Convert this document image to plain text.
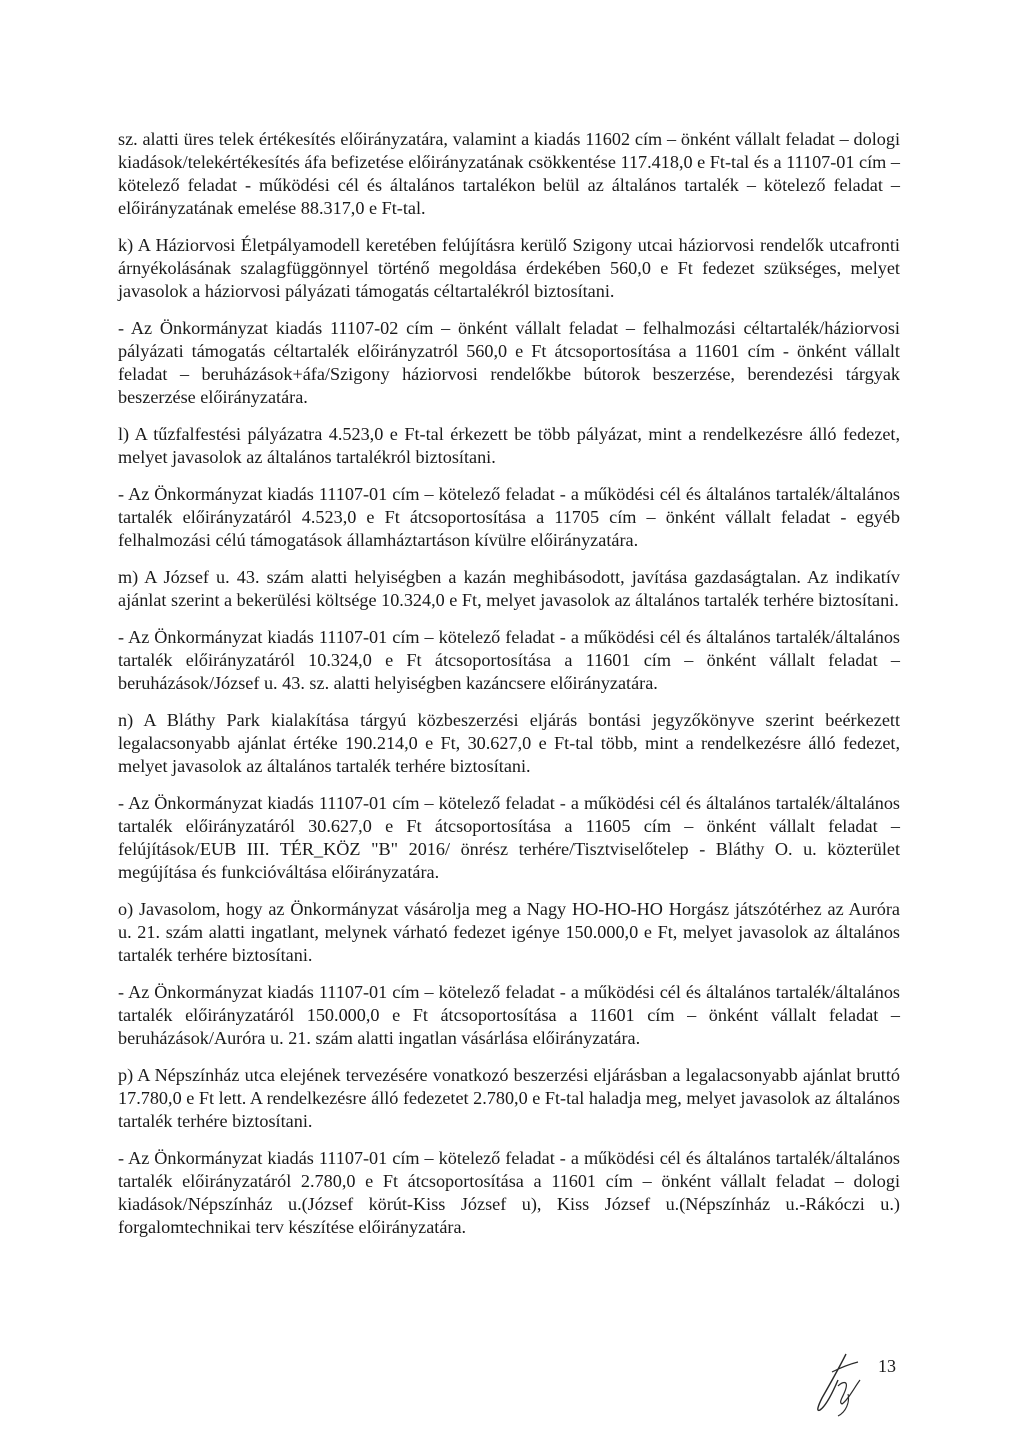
sz. alatti üres telek értékesítés előirányzatára, valamint a kiadás 11602 cím – önként vállalt feladat – dologi kiadások/telekértékesítés áfa befizetése előirányzatának csökkentése 117.418,0 e Ft-tal és a 11107-01 cím – kötelező feladat - működési cél és általános tartalékon belül az általános tartalék – kötelező feladat – előirányzatának emelése 88.317,0 e Ft-tal.

k) A Háziorvosi Életpályamodell keretében felújításra kerülő Szigony utcai háziorvosi rendelők utcafronti árnyékolásának szalagfüggönnyel történő megoldása érdekében 560,0 e Ft fedezet szükséges, melyet javasolok a háziorvosi pályázati támogatás céltartalékról biztosítani.

- Az Önkormányzat kiadás 11107-02 cím – önként vállalt feladat – felhalmozási céltartalék/háziorvosi pályázati támogatás céltartalék előirányzatról 560,0 e Ft átcsoportosítása a 11601 cím - önként vállalt feladat – beruházások+áfa/Szigony háziorvosi rendelőkbe bútorok beszerzése, berendezési tárgyak beszerzése előirányzatára.

l) A tűzfalfestési pályázatra 4.523,0 e Ft-tal érkezett be több pályázat, mint a rendelkezésre álló fedezet, melyet javasolok az általános tartalékról biztosítani.

- Az Önkormányzat kiadás 11107-01 cím – kötelező feladat - a működési cél és általános tartalék/általános tartalék előirányzatáról 4.523,0 e Ft átcsoportosítása a 11705 cím – önként vállalt feladat - egyéb felhalmozási célú támogatások államháztartáson kívülre előirányzatára.

m) A József u. 43. szám alatti helyiségben a kazán meghibásodott, javítása gazdaságtalan. Az indikatív ajánlat szerint a bekerülési költsége 10.324,0 e Ft, melyet javasolok az általános tartalék terhére biztosítani.

- Az Önkormányzat kiadás 11107-01 cím – kötelező feladat - a működési cél és általános tartalék/általános tartalék előirányzatáról 10.324,0 e Ft átcsoportosítása a 11601 cím – önként vállalt feladat – beruházások/József u. 43. sz. alatti helyiségben kazáncsere előirányzatára.

n) A Bláthy Park kialakítása tárgyú közbeszerzési eljárás bontási jegyzőkönyve szerint beérkezett legalacsonyabb ajánlat értéke 190.214,0 e Ft, 30.627,0 e Ft-tal több, mint a rendelkezésre álló fedezet, melyet javasolok az általános tartalék terhére biztosítani.

- Az Önkormányzat kiadás 11107-01 cím – kötelező feladat - a működési cél és általános tartalék/általános tartalék előirányzatáról 30.627,0 e Ft átcsoportosítása a 11605 cím – önként vállalt feladat – felújítások/EUB III. TÉR_KÖZ "B" 2016/ önrész terhére/Tisztviselőtelep - Bláthy O. u. közterület megújítása és funkcióváltása előirányzatára.

o) Javasolom, hogy az Önkormányzat vásárolja meg a Nagy HO-HO-HO Horgász játszótérhez az Auróra u. 21. szám alatti ingatlant, melynek várható fedezet igénye 150.000,0 e Ft, melyet javasolok az általános tartalék terhére biztosítani.

- Az Önkormányzat kiadás 11107-01 cím – kötelező feladat - a működési cél és általános tartalék/általános tartalék előirányzatáról 150.000,0 e Ft átcsoportosítása a 11601 cím – önként vállalt feladat – beruházások/Auróra u. 21. szám alatti ingatlan vásárlása előirányzatára.

p) A Népszínház utca elejének tervezésére vonatkozó beszerzési eljárásban a legalacsonyabb ajánlat bruttó 17.780,0 e Ft lett. A rendelkezésre álló fedezetet 2.780,0 e Ft-tal haladja meg, melyet javasolok az általános tartalék terhére biztosítani.

- Az Önkormányzat kiadás 11107-01 cím – kötelező feladat - a működési cél és általános tartalék/általános tartalék előirányzatáról 2.780,0 e Ft átcsoportosítása a 11601 cím – önként vállalt feladat – dologi kiadások/Népszínház u.(József körút-Kiss József u), Kiss József u.(Népszínház u.-Rákóczi u.) forgalomtechnikai terv készítése előirányzatára.

13
